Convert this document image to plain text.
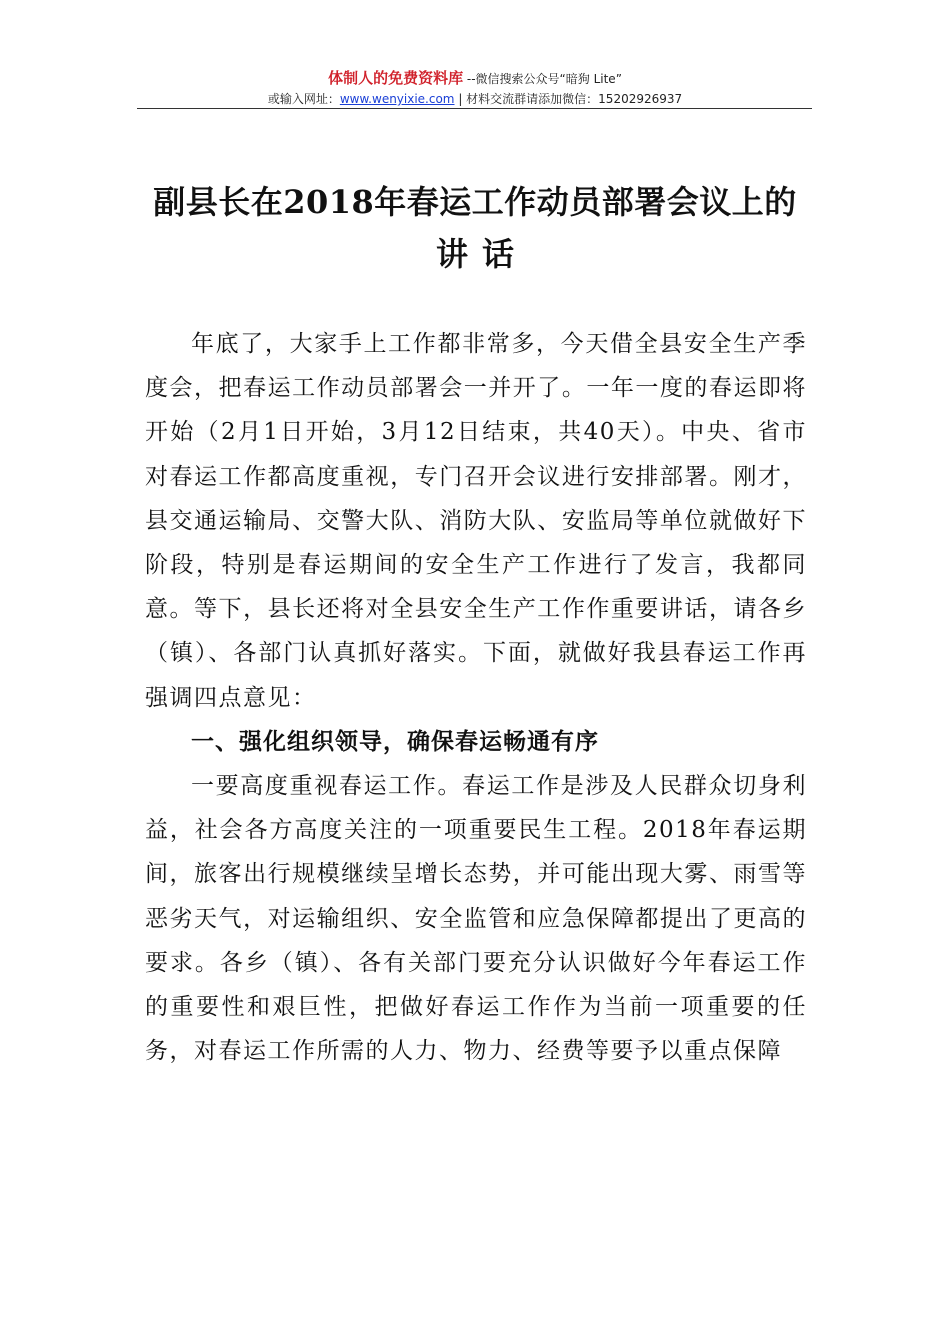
体制人的免费资料库 --微信搜索公众号“暗狗 Lite”
或输入网址：www.wenyixie.com | 材料交流群请添加微信：15202926937
副县长在2018年春运工作动员部署会议上的
讲话

年底了，大家手上工作都非常多，今天借全县安全生产季度会，把春运工作动员部署会一并开了。一年一度的春运即将开始（2月1日开始，3月12日结束，共40天）。中央、省市对春运工作都高度重视，专门召开会议进行安排部署。刚才，县交通运输局、交警大队、消防大队、安监局等单位就做好下阶段，特别是春运期间的安全生产工作进行了发言，我都同意。等下，县长还将对全县安全生产工作作重要讲话，请各乡（镇）、各部门认真抓好落实。下面，就做好我县春运工作再强调四点意见：

一、强化组织领导，确保春运畅通有序

一要高度重视春运工作。春运工作是涉及人民群众切身利益，社会各方高度关注的一项重要民生工程。2018年春运期间，旅客出行规模继续呈增长态势，并可能出现大雾、雨雪等恶劣天气，对运输组织、安全监管和应急保障都提出了更高的要求。各乡（镇）、各有关部门要充分认识做好今年春运工作的重要性和艰巨性，把做好春运工作作为当前一项重要的任务，对春运工作所需的人力、物力、经费等要予以重点保障
